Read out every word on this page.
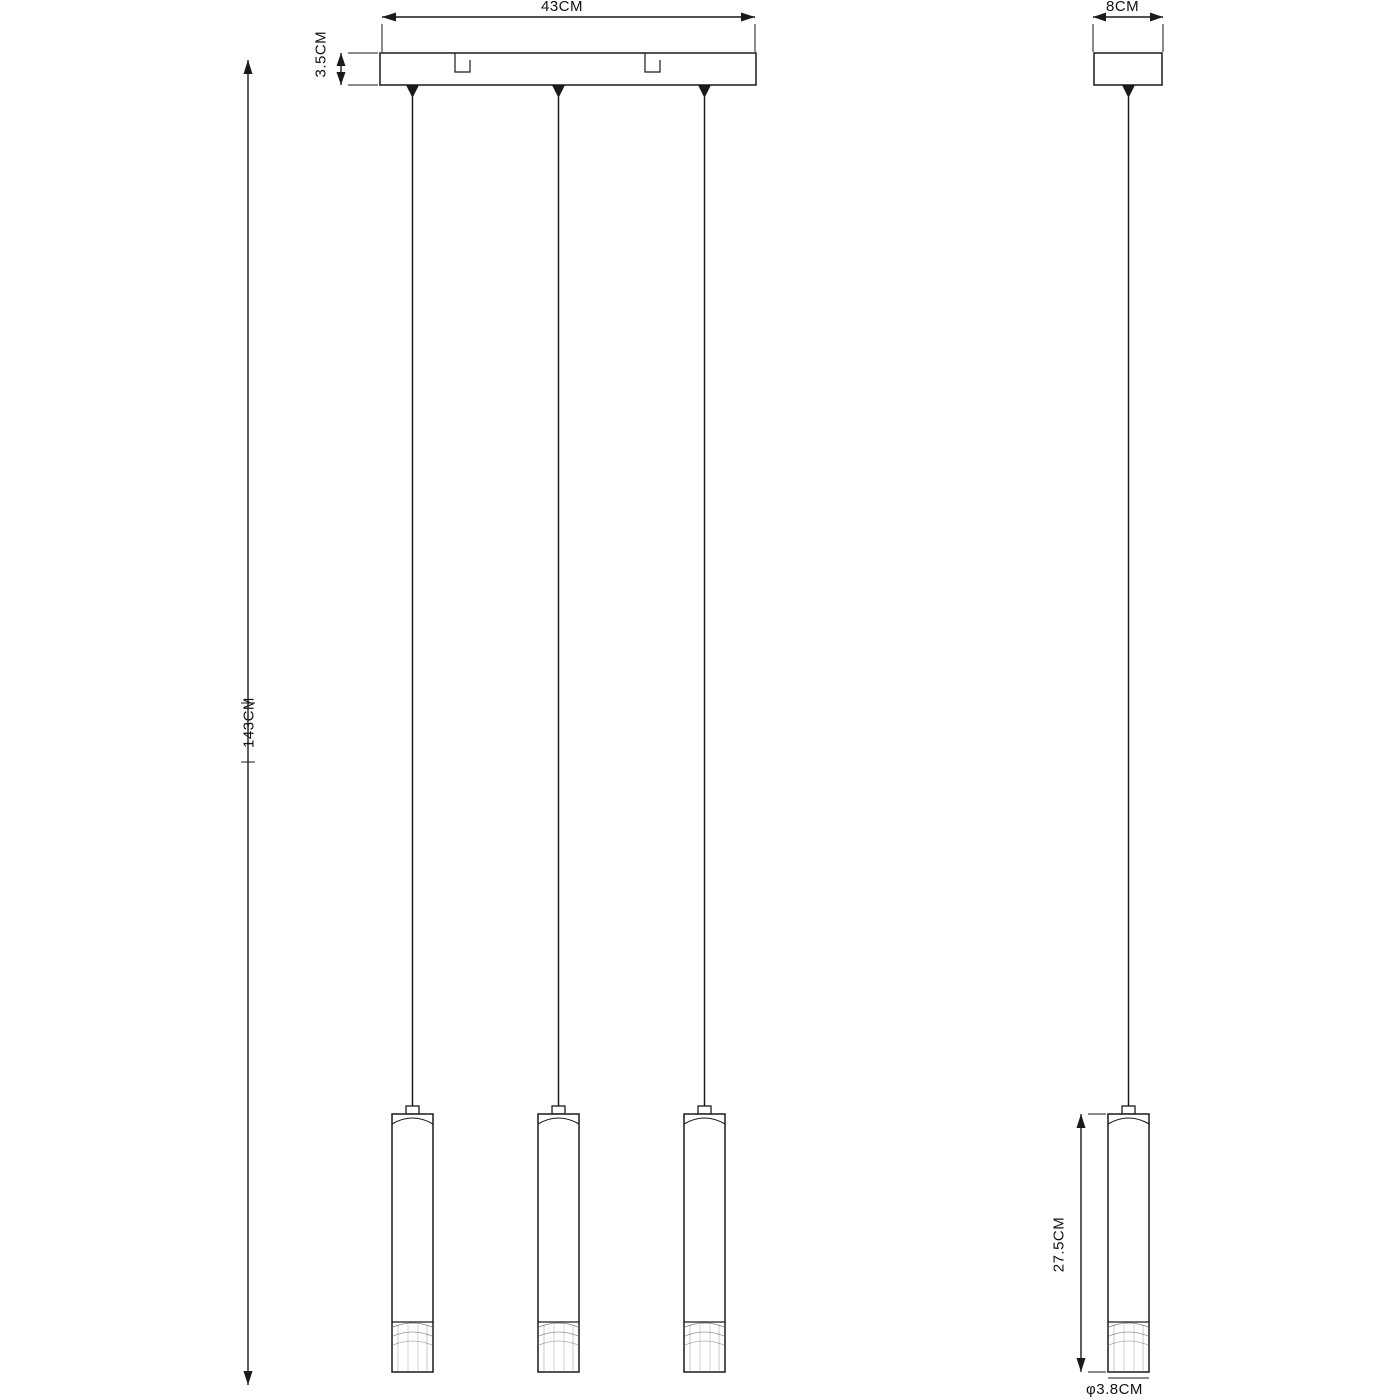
43CM
3.5CM
143CM
8CM
27.5CM
φ3.8CM
